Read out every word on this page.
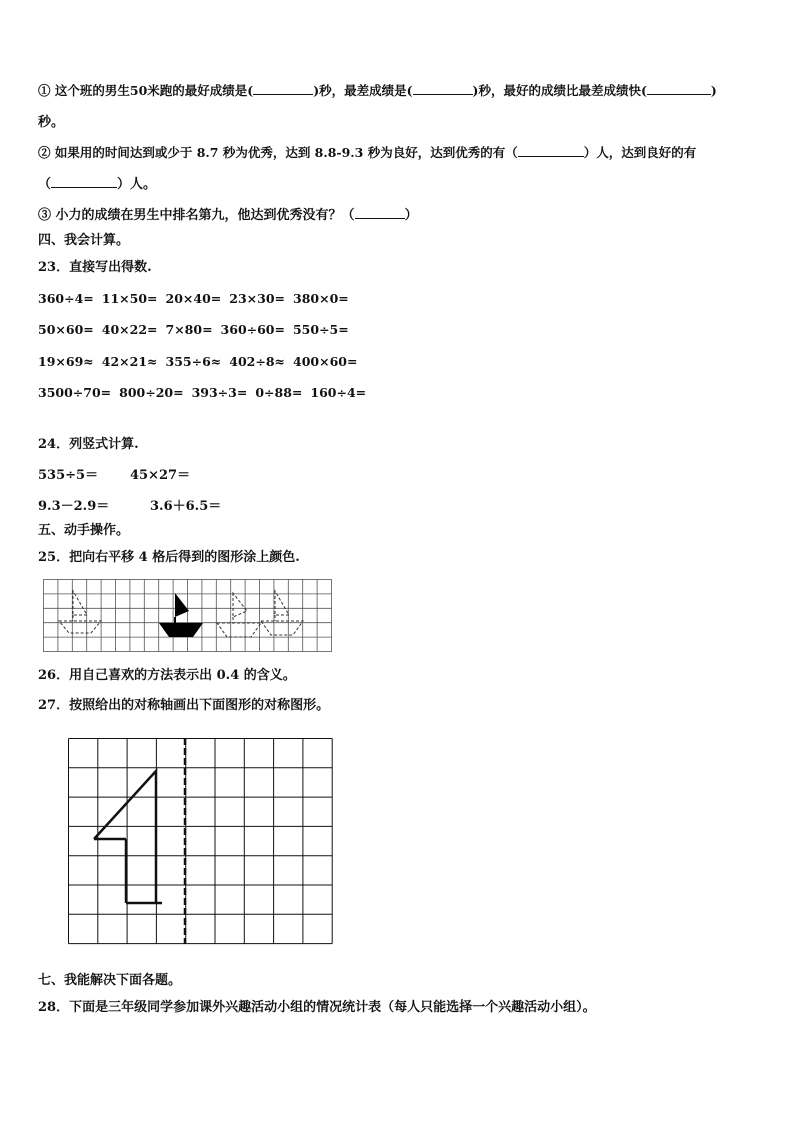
① 这个班的男生50米跑的最好成绩是(	)秒，最差成绩是(	)秒，最好的成绩比最差成绩快(	)
秒。
② 如果用的时间达到或少于 8.7 秒为优秀，达到 8.8-9.3 秒为良好，达到优秀的有（	）人，达到良好的有
（	）人。
③ 小力的成绩在男生中排名第九，他达到优秀没有？（	）
四、我会计算。
23．直接写出得数.
360÷4= 11×50= 20×40= 23×30= 380×0=
50×60= 40×22= 7×80= 360÷60= 550÷5=
19×69≈ 42×21≈ 355÷6≈ 402÷8≈ 400×60=
3500÷70= 800÷20= 393÷3= 0÷88= 160÷4=
24．列竖式计算.
535÷5＝ 45×27＝
9.3－2.9＝	3.6＋6.5＝
五、动手操作。
25．把向右平移 4 格后得到的图形涂上颜色.
26．用自己喜欢的方法表示出 0.4 的含义。
27．按照给出的对称轴画出下面图形的对称图形。
七、我能解决下面各题。
28．下面是三年级同学参加课外兴趣活动小组的情况统计表（每人只能选择一个兴趣活动小组）。
